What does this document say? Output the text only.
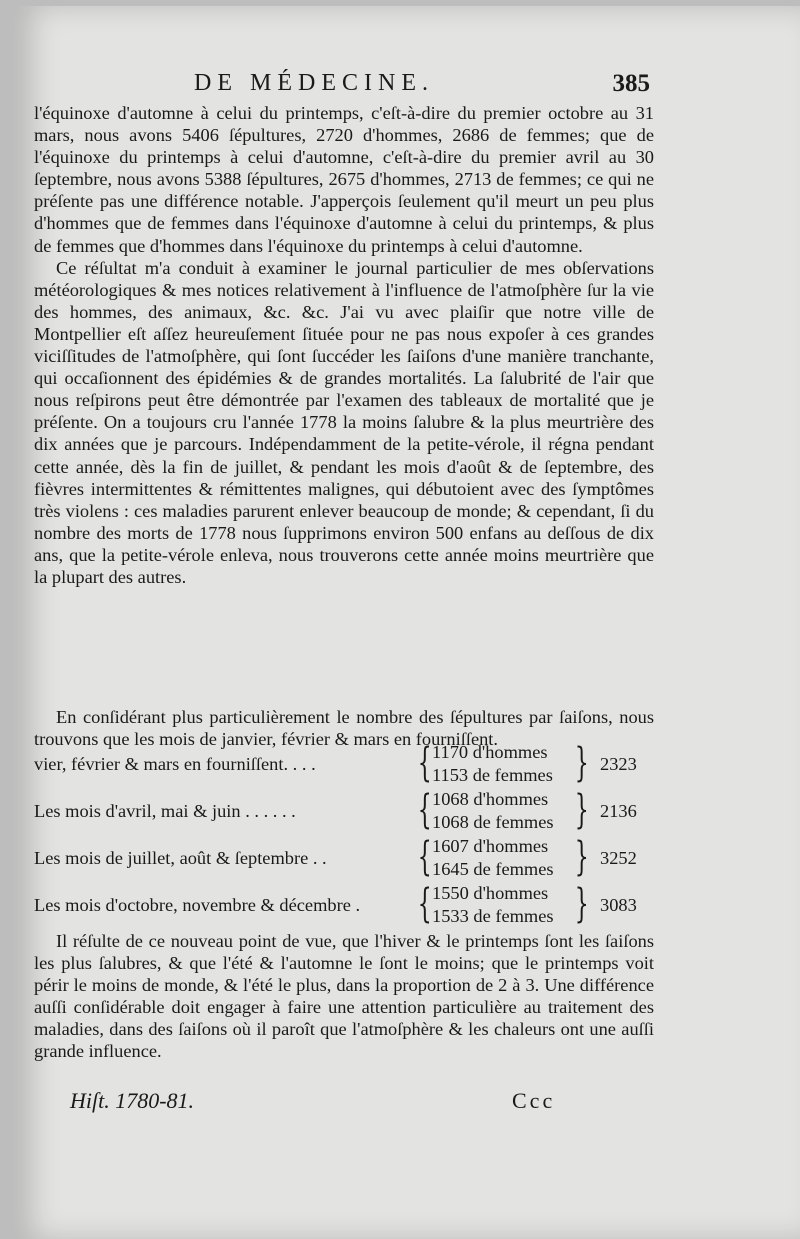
DE MÉDECINE.	385

l'équinoxe d'automne à celui du printemps, c'eſt-à-dire du premier octobre au 31 mars, nous avons 5406 ſépultures, 2720 d'hommes, 2686 de femmes; que de l'équinoxe du printemps à celui d'automne, c'eſt-à-dire du premier avril au 30 ſeptembre, nous avons 5388 ſépultures, 2675 d'hommes, 2713 de femmes; ce qui ne préſente pas une différence notable. J'apperçois ſeulement qu'il meurt un peu plus d'hommes que de femmes dans l'équinoxe d'automne à celui du printemps, & plus de femmes que d'hommes dans l'équinoxe du printemps à celui d'automne.

Ce réſultat m'a conduit à examiner le journal particulier de mes obſervations météorologiques & mes notices relativement à l'influence de l'atmoſphère ſur la vie des hommes, des animaux, &c. &c. J'ai vu avec plaiſir que notre ville de Montpellier eſt aſſez heureuſement ſituée pour ne pas nous expoſer à ces grandes viciſſitudes de l'atmoſphère, qui ſont ſuccéder les ſaiſons d'une manière tranchante, qui occaſionnent des épidémies & de grandes mortalités. La ſalubrité de l'air que nous reſpirons peut être démontrée par l'examen des tableaux de mortalité que je préſente. On a toujours cru l'année 1778 la moins ſalubre & la plus meurtrière des dix années que je parcours. Indépendamment de la petite-vérole, il régna pendant cette année, dès la fin de juillet, & pendant les mois d'août & de ſeptembre, des fièvres intermittentes & rémittentes malignes, qui débutoient avec des ſymptômes très violens : ces maladies parurent enlever beaucoup de monde; & cependant, ſi du nombre des morts de 1778 nous ſupprimons environ 500 enfans au deſſous de dix ans, que la petite-vérole enleva, nous trouverons cette année moins meurtrière que la plupart des autres.

En conſidérant plus particulièrement le nombre des ſépultures par ſaiſons, nous trouvons que les mois de janvier, février & mars en fourniſſent.

vier, février & mars en fourniſſent. . . .	{ 1170 d'hommes
1153 de femmes } 2323
Les mois d'avril, mai & juin . . . . . .	{ 1068 d'hommes
1068 de femmes } 2136
Les mois de juillet, août & ſeptembre . . { 1607 d'hommes
1645 de femmes } 3252
Les mois d'octobre, novembre & décembre . { 1550 d'hommes
1533 de femmes } 3083

Il réſulte de ce nouveau point de vue, que l'hiver & le printemps ſont les ſaiſons les plus ſalubres, & que l'été & l'automne le ſont le moins; que le printemps voit périr le moins de monde, & l'été le plus, dans la proportion de 2 à 3. Une différence auſſi conſidérable doit engager à faire une attention particulière au traitement des maladies, dans des ſaiſons où il paroît que l'atmoſphère & les chaleurs ont une auſſi grande influence.

Hiſt. 1780-81.	Ccc
